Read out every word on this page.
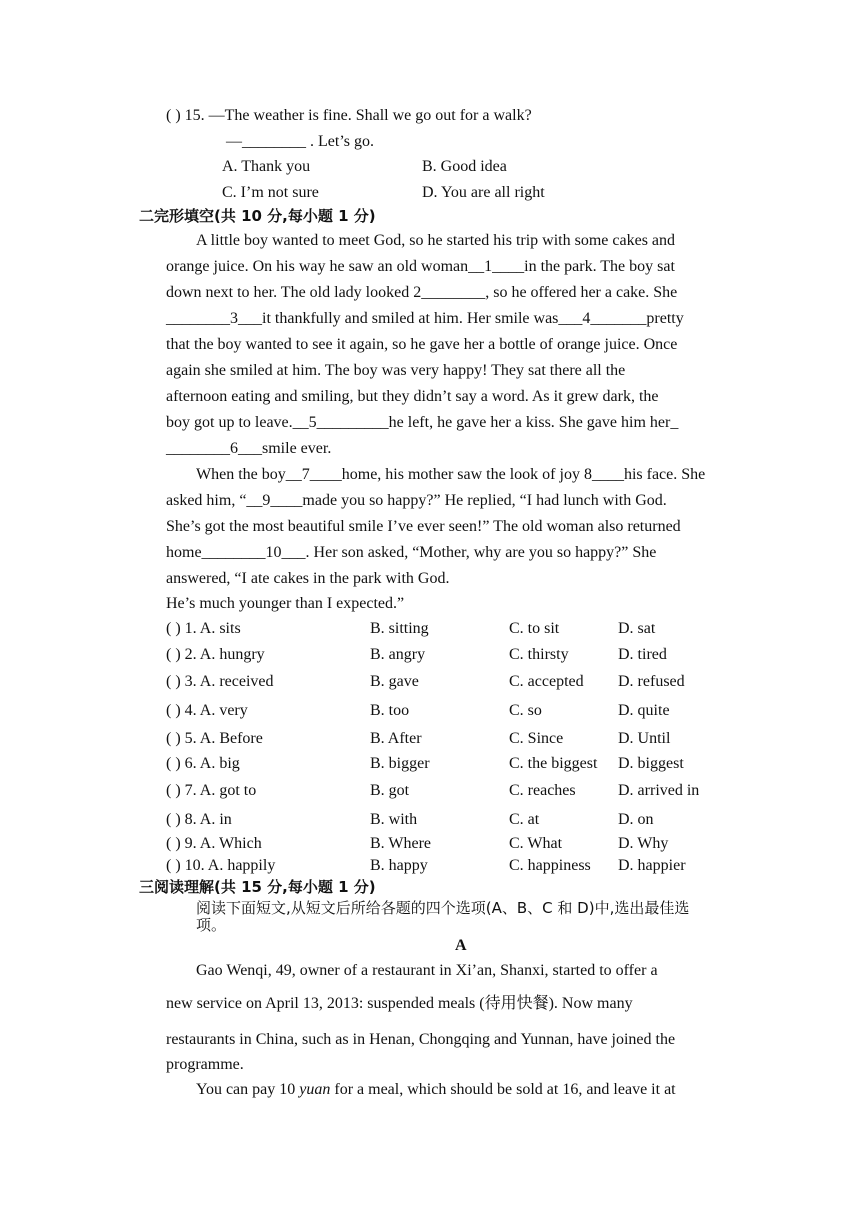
( ) 15. —The weather is fine. Shall we go out for a walk?
—________ . Let’s go.
A. Thank you	B. Good idea
C. I’m not sure	D. You are all right
二完形填空(共 10 分,每小题 1 分)
A little boy wanted to meet God, so he started his trip with some cakes and
orange juice. On his way he saw an old woman__1____in the park. The boy sat
down next to her. The old lady looked 2________, so he offered her a cake. She
________3___it thankfully and smiled at him. Her smile was___4_______pretty
that the boy wanted to see it again, so he gave her a bottle of orange juice. Once
again she smiled at him. The boy was very happy! They sat there all the
afternoon eating and smiling, but they didn’t say a word. As it grew dark, the
boy got up to leave.__5_________he left, he gave her a kiss. She gave him her_
________6___smile ever.
When the boy__7____home, his mother saw the look of joy 8____his face. She
asked him, “__9____made you so happy?” He replied, “I had lunch with God.
She’s got the most beautiful smile I’ve ever seen!” The old woman also returned
home________10___. Her son asked, “Mother, why are you so happy?” She
answered, “I ate cakes in the park with God.
He’s much younger than I expected.”
( ) 1. A. sits	B. sitting	C. to sit	D. sat
( ) 2. A. hungry	B. angry	C. thirsty	D. tired
( ) 3. A. received	B. gave	C. accepted D. refused
( ) 4. A. very	B. too	C. so	D. quite
( ) 5. A. Before	B. After	C. Since	D. Until
( ) 6. A. big	B. bigger	C. the biggest D. biggest
( ) 7. A. got to	B. got	C. reaches	D. arrived in
( ) 8. A. in	B. with	C. at	D. on
( ) 9. A. Which	B. Where	C. What	D. Why
( ) 10. A. happily	B. happy	C. happiness D. happier
三阅读理解(共 15 分,每小题 1 分)
阅读下面短文,从短文后所给各题的四个选项(A、B、C 和 D)中,选出最佳选
项。
A
Gao Wenqi, 49, owner of a restaurant in Xi’an, Shanxi, started to offer a
new service on April 13, 2013: suspended meals (待用快餐). Now many
restaurants in China, such as in Henan, Chongqing and Yunnan, have joined the
programme.
You can pay 10 yuan for a meal, which should be sold at 16, and leave it at
